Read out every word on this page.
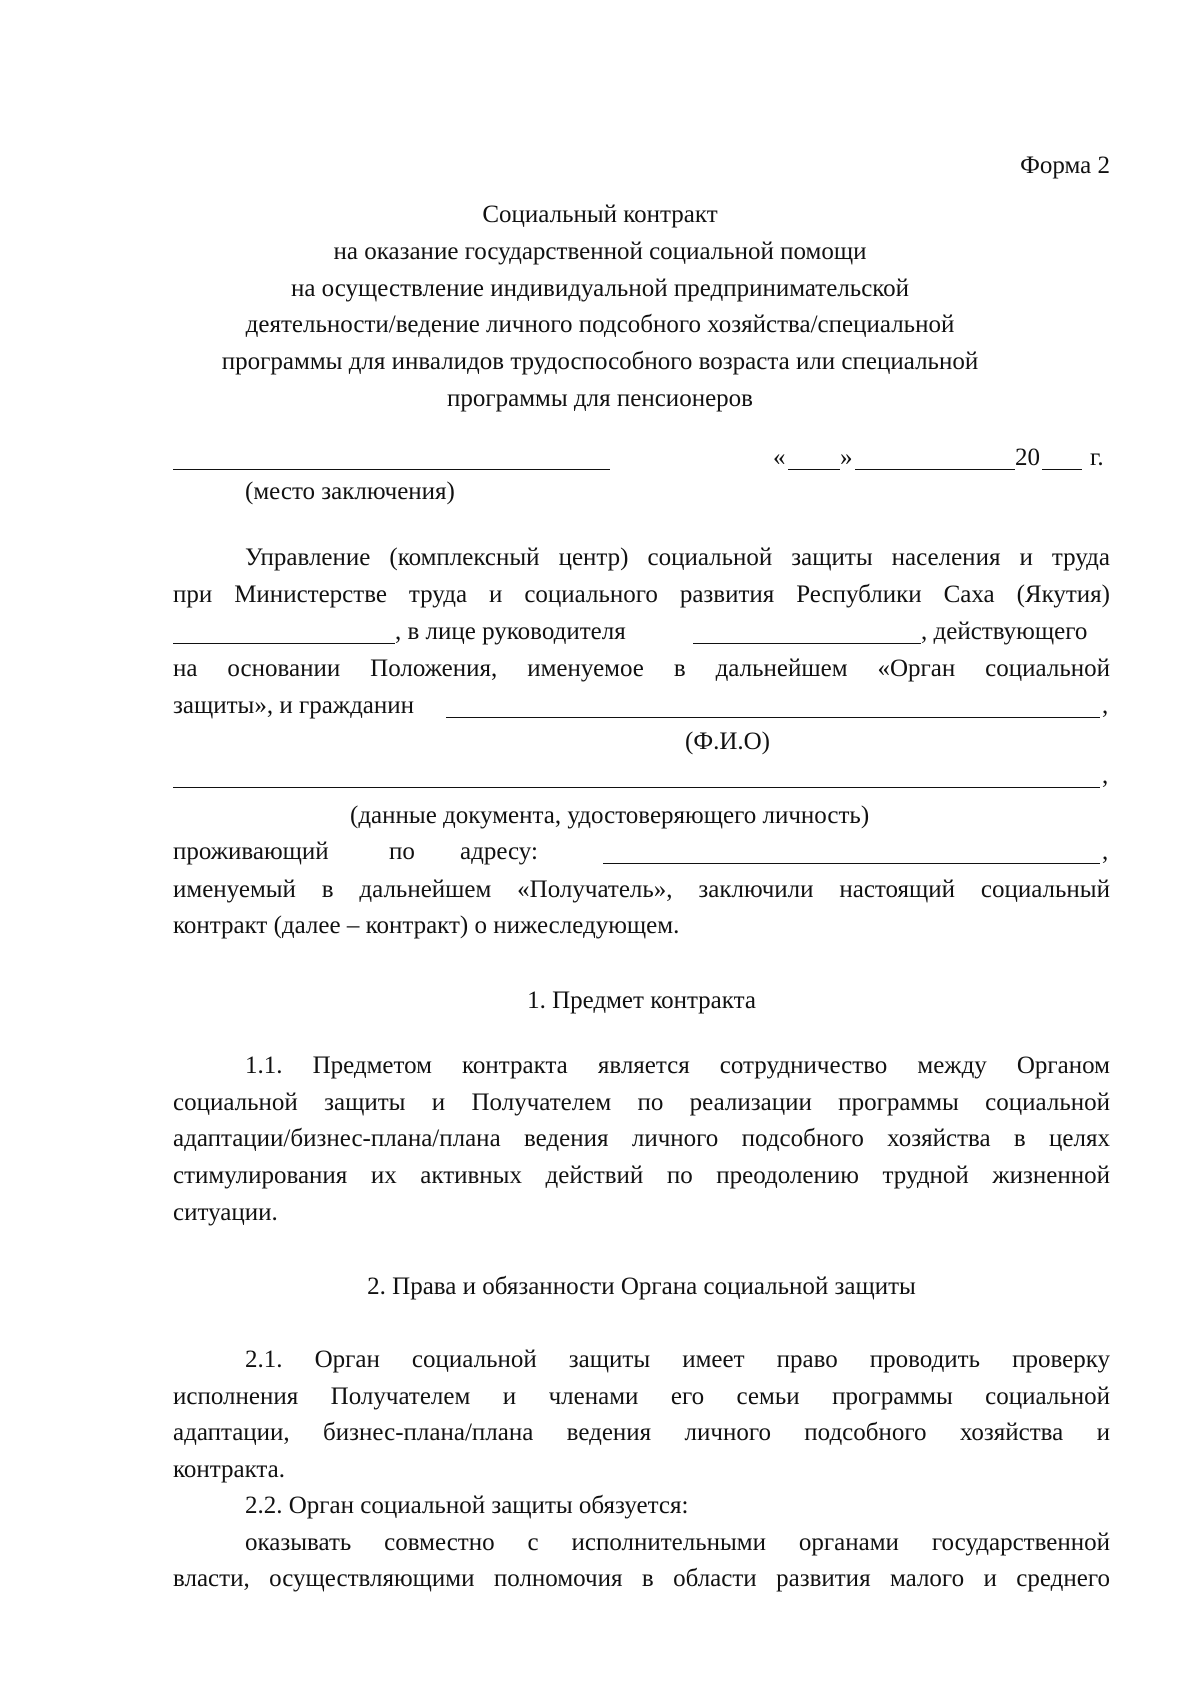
Форма 2
Социальный контракт
на оказание государственной социальной помощи
на осуществление индивидуальной предпринимательской
деятельности/ведение личного подсобного хозяйства/специальной
программы для инвалидов трудоспособного возраста или специальной
программы для пенсионеров
« »	20 г.
(место заключения)
Управление (комплексный центр) социальной защиты населения и труда
при Министерстве труда и социального развития Республики Саха (Якутия)
, в лице руководителя	, действующего
на основании Положения, именуемое в дальнейшем «Орган социальной
защиты», и гражданин	,
(Ф.И.О)
,
(данные документа, удостоверяющего личность)
проживающий по адресу:	,
именуемый в дальнейшем «Получатель», заключили настоящий социальный
контракт (далее – контракт) о нижеследующем.
1. Предмет контракта
1.1. Предметом контракта является сотрудничество между Органом
социальной защиты и Получателем по реализации программы социальной
адаптации/бизнес-плана/плана ведения личного подсобного хозяйства в целях
стимулирования их активных действий по преодолению трудной жизненной
ситуации.
2. Права и обязанности Органа социальной защиты
2.1. Орган социальной защиты имеет право проводить проверку
исполнения Получателем и членами его семьи программы социальной
адаптации, бизнес-плана/плана ведения личного подсобного хозяйства и
контракта.
2.2. Орган социальной защиты обязуется:
оказывать совместно с исполнительными органами государственной
власти, осуществляющими полномочия в области развития малого и среднего
